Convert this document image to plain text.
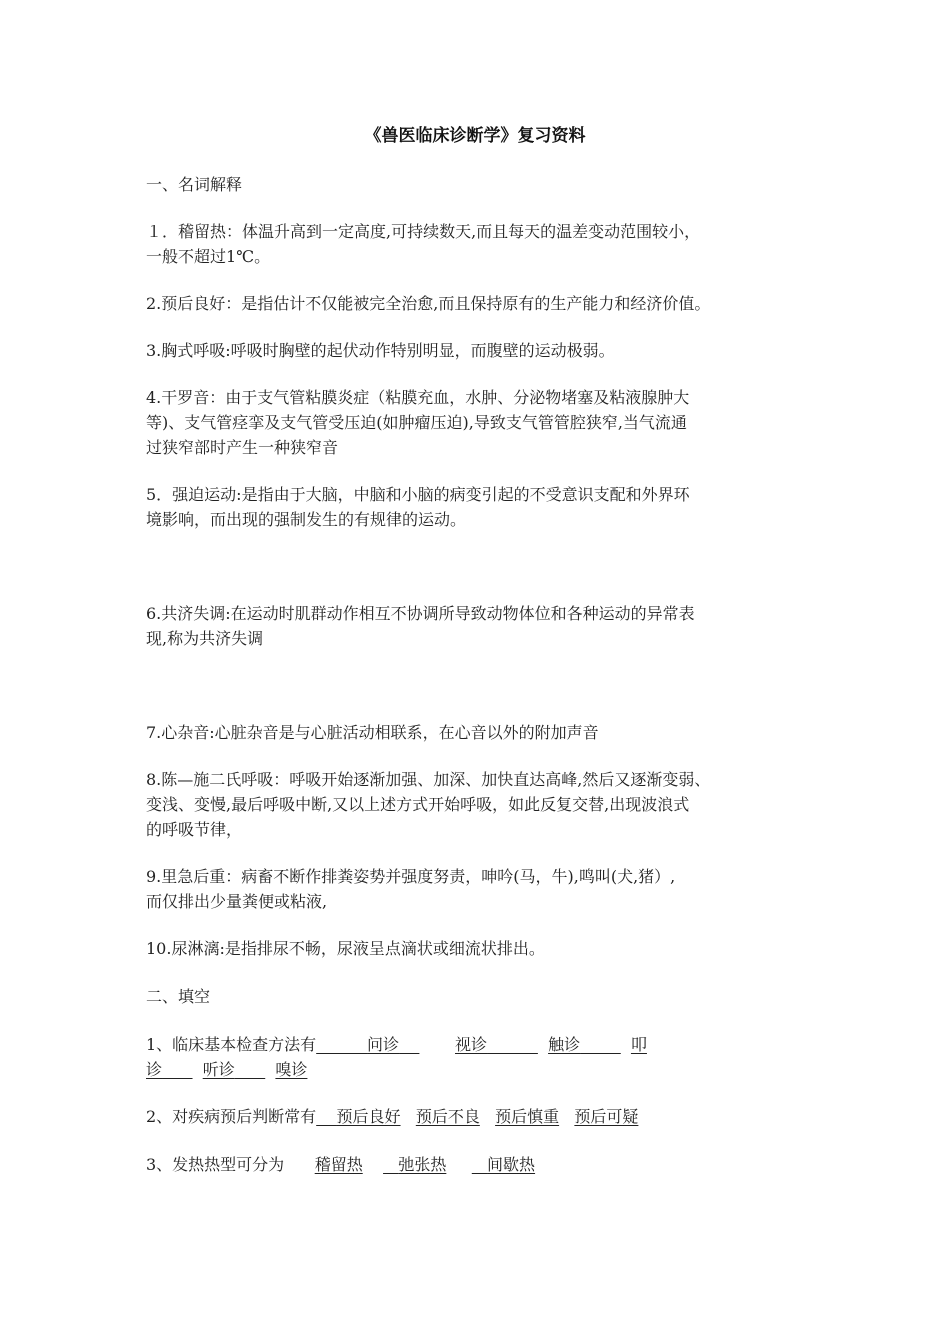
《兽医临床诊断学》复习资料
一、名词解释
１．稽留热：体温升高到一定高度,可持续数天,而且每天的温差变动范围较小，
一般不超过1℃。
2.预后良好：是指估计不仅能被完全治愈,而且保持原有的生产能力和经济价值。
3.胸式呼吸:呼吸时胸壁的起伏动作特别明显，而腹壁的运动极弱。
4.干罗音：由于支气管粘膜炎症（粘膜充血，水肿、分泌物堵塞及粘液腺肿大
等)、支气管痉挛及支气管受压迫(如肿瘤压迫),导致支气管管腔狭窄,当气流通
过狭窄部时产生一种狭窄音
5．强迫运动:是指由于大脑，中脑和小脑的病变引起的不受意识支配和外界环
境影响，而出现的强制发生的有规律的运动。
6.共济失调:在运动时肌群动作相互不协调所导致动物体位和各种运动的异常表
现,称为共济失调
7.心杂音:心脏杂音是与心脏活动相联系，在心音以外的附加声音
8.陈—施二氏呼吸：呼吸开始逐渐加强、加深、加快直达高峰,然后又逐渐变弱、
变浅、变慢,最后呼吸中断,又以上述方式开始呼吸，如此反复交替,出现波浪式
的呼吸节律，
9.里急后重：病畜不断作排粪姿势并强度努责，呻吟(马，牛),鸣叫(犬,猪）,
而仅排出少量粪便或粘液,
10.尿淋漓:是指排尿不畅，尿液呈点滴状或细流状排出。
二、填空
1、临床基本检查方法有	问诊	视诊	触诊	叩
诊	听诊	嗅诊
2、对疾病预后判断常有 预后良好 预后不良 预后慎重 预后可疑
3、发热热型可分为 稽留热 弛张热	间歇热
